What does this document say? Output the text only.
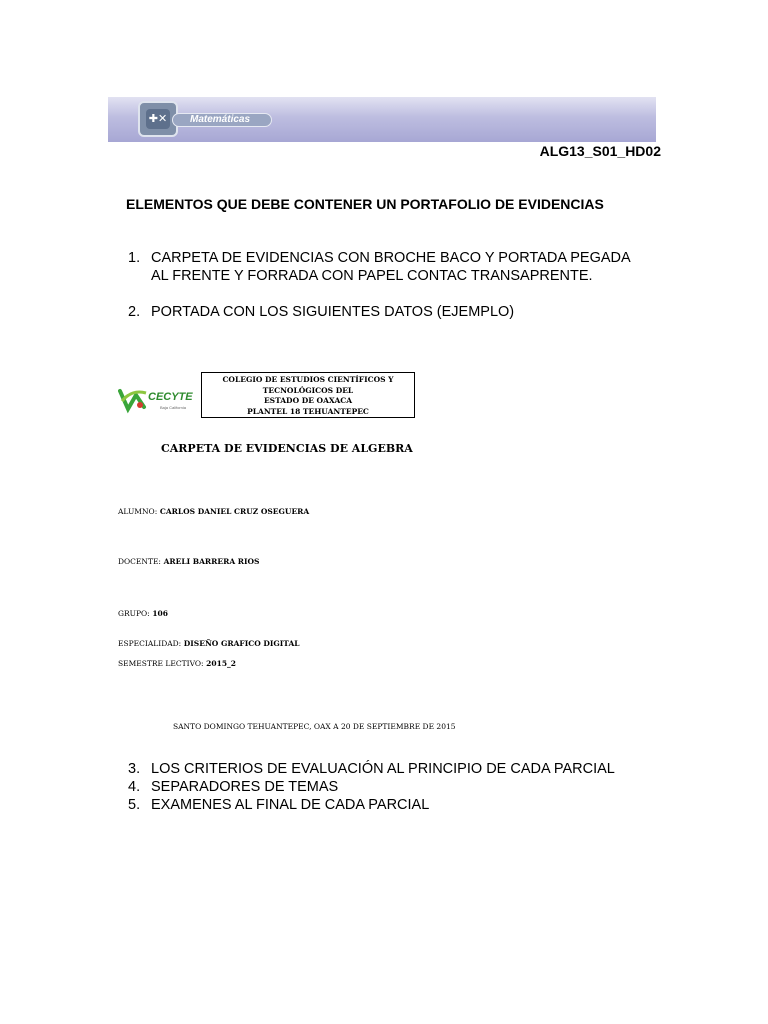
✚✕ Matemáticas
ALG13_S01_HD02
ELEMENTOS QUE DEBE CONTENER UN PORTAFOLIO DE EVIDENCIAS
1. CARPETA DE EVIDENCIAS CON BROCHE BACO Y PORTADA PEGADA
AL FRENTE Y FORRADA CON PAPEL CONTAC TRANSAPRENTE.
2. PORTADA CON LOS SIGUIENTES DATOS (EJEMPLO)
CECYTE
Baja California
COLEGIO DE ESTUDIOS CIENTÍFICOS Y
TECNOLÓGICOS DEL
ESTADO DE OAXACA
PLANTEL 18 TEHUANTEPEC
CARPETA DE EVIDENCIAS DE ALGEBRA
ALUMNO: CARLOS DANIEL CRUZ OSEGUERA
DOCENTE: ARELI BARRERA RIOS
GRUPO: 106
ESPECIALIDAD: DISEÑO GRAFICO DIGITAL
SEMESTRE LECTIVO: 2015_2
SANTO DOMINGO TEHUANTEPEC, OAX A 20 DE SEPTIEMBRE DE 2015
3. LOS CRITERIOS DE EVALUACIÓN AL PRINCIPIO DE CADA PARCIAL
4. SEPARADORES DE TEMAS
5. EXAMENES AL FINAL DE CADA PARCIAL
